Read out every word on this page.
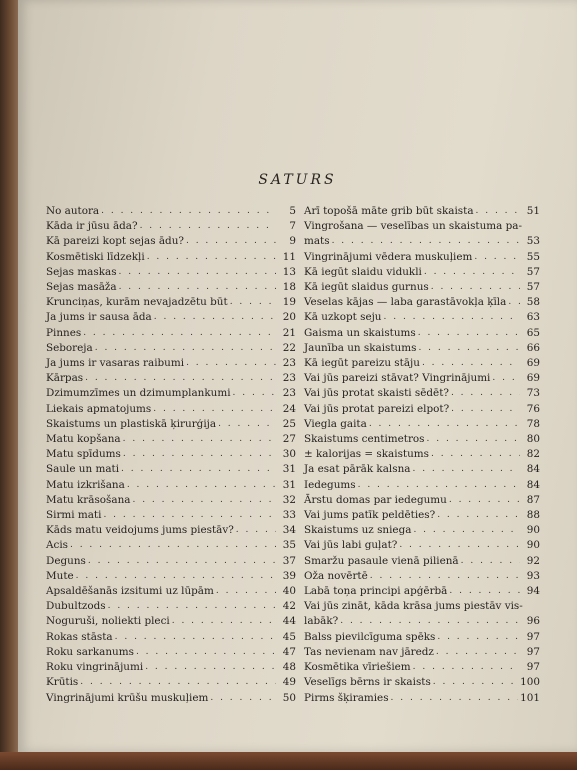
SATURS
No autora . . .	5
Kāda ir jūsu āda? . . .	7
Kā pareizi kopt sejas ādu? . . .	9
Kosmētiski līdzekļi . . .	11
Sejas maskas . . .	13
Sejas masāža . . .	18
Krunciņas, kurām nevajadzētu būt . . .	19
Ja jums ir sausa āda . . .	20
Pinnes . . .	21
Seboreja . . .	22
Ja jums ir vasaras raibumi . . .	23
Kārpas . . .	23
Dzimumzīmes un dzimumplankumi . . .	23
Liekais apmatojums . . .	24
Skaistums un plastiskā ķirurģija . . .	25
Matu kopšana . . .	27
Matu spīdums . . .	30
Saule un mati . . .	31
Matu izkrišana . . .	31
Matu krāsošana . . .	32
Sirmi mati . . .	33
Kāds matu veidojums jums piestāv? . . .	34
Acis . . .	35
Deguns . . .	37
Mute . . .	39
Apsaldēšanās izsitumi uz lūpām . . .	40
Dubultzods . . .	42
Noguruši, noliekti pleci . . .	44
Rokas stāsta . . .	45
Roku sarkanums . . .	47
Roku vingrinājumi . . .	48
Krūtis . . .	49
Vingrinājumi krūšu muskuļiem . . .	50
Arī topošā māte grib būt skaista . . .	51
Vingrošana — veselības un skaistuma pa-
mats . . .	53
Vingrinājumi vēdera muskuļiem . . .	55
Kā iegūt slaidu vidukli . . .	57
Kā iegūt slaidus gurnus . . .	57
Veselas kājas — laba garastāvokļa ķīla . . .	58
Kā uzkopt seju . . .	63
Gaisma un skaistums . . .	65
Jaunība un skaistums . . .	66
Kā iegūt pareizu stāju . . .	69
Vai jūs pareizi stāvat? Vingrinājumi . . .	69
Vai jūs protat skaisti sēdēt? . . .	73
Vai jūs protat pareizi elpot? . . .	76
Viegla gaita . . .	78
Skaistums centimetros . . .	80
± kalorijas = skaistums . . .	82
Ja esat pārāk kalsna . . .	84
Iedegums . . .	84
Ārstu domas par iedegumu . . .	87
Vai jums patīk peldēties? . . .	88
Skaistums uz sniega . . .	90
Vai jūs labi guļat? . . .	90
Smaržu pasaule vienā pilienā . . .	92
Oža novērtē . . .	93
Labā toņa principi apģērbā . . .	94
Vai jūs zināt, kāda krāsa jums piestāv vis-
labāk? . . .	96
Balss pievilcīguma spēks . . .	97
Tas nevienam nav jāredz . . .	97
Kosmētika vīriešiem . . .	97
Veselīgs bērns ir skaists . . .	100
Pirms šķiramies . . .	101
